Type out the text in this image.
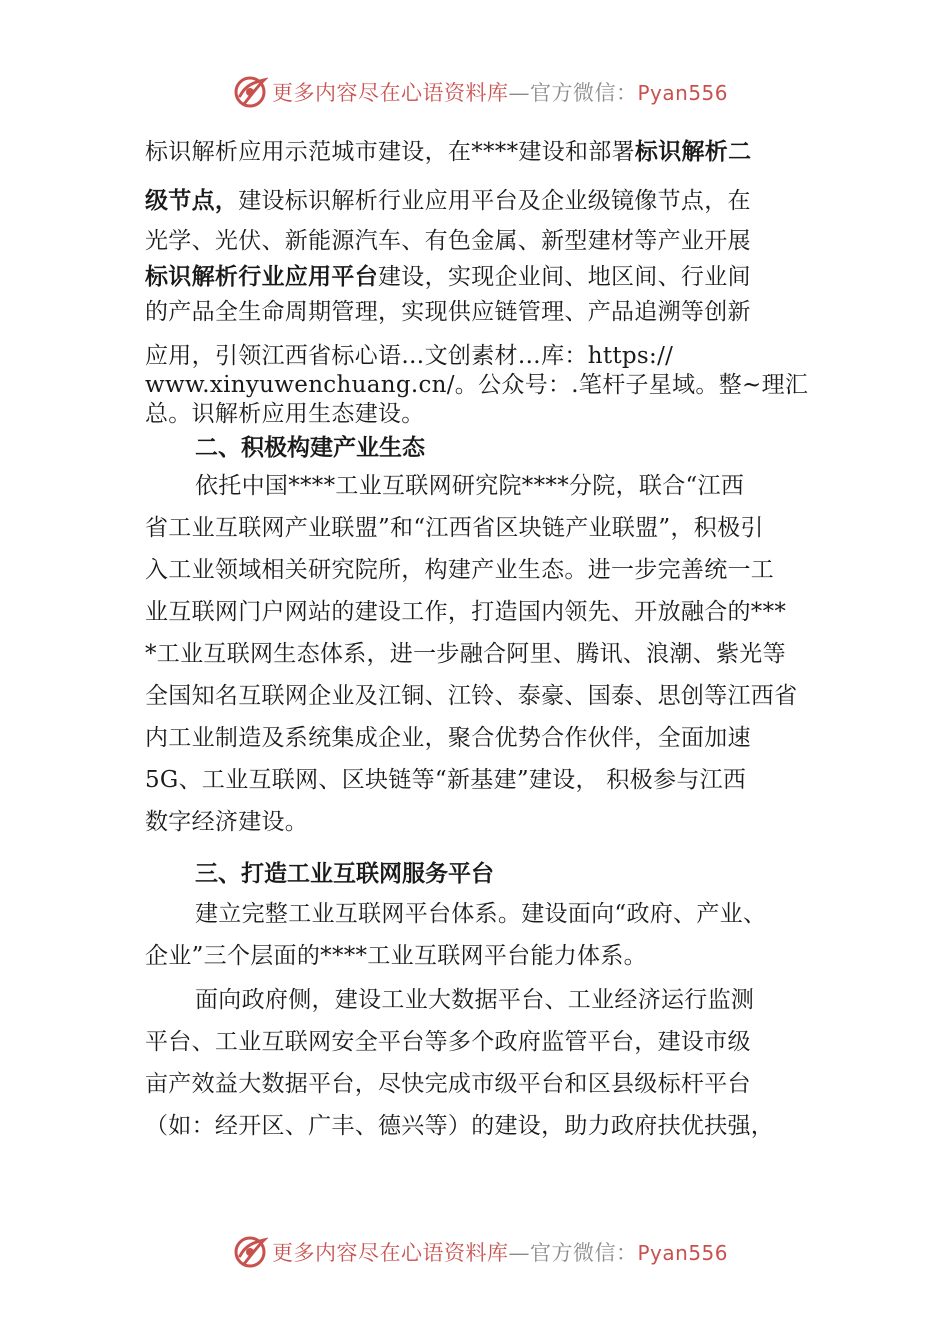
更多内容尽在心语资料库—官方微信：Pyan556
标识解析应用示范城市建设，在****建设和部署标识解析二
级节点，建设标识解析行业应用平台及企业级镜像节点，在
光学、光伏、新能源汽车、有色金属、新型建材等产业开展
标识解析行业应用平台建设，实现企业间、地区间、行业间
的产品全生命周期管理，实现供应链管理、产品追溯等创新
应用，引领江西省标心语…文创素材…库：https://
www.xinyuwenchuang.cn/。公众号：.笔杆子星域。整~理汇
总。识解析应用生态建设。
二、积极构建产业生态
依托中国****工业互联网研究院****分院，联合“江西
省工业互联网产业联盟”和“江西省区块链产业联盟”，积极引
入工业领域相关研究院所，构建产业生态。进一步完善统一工
业互联网门户网站的建设工作，打造国内领先、开放融合的***
*工业互联网生态体系，进一步融合阿里、腾讯、浪潮、紫光等
全国知名互联网企业及江铜、江铃、泰豪、国泰、思创等江西省
内工业制造及系统集成企业，聚合优势合作伙伴，全面加速
5G、工业互联网、区块链等“新基建”建设， 积极参与江西
数字经济建设。
三、打造工业互联网服务平台
建立完整工业互联网平台体系。建设面向“政府、产业、
企业”三个层面的****工业互联网平台能力体系。
面向政府侧，建设工业大数据平台、工业经济运行监测
平台、工业互联网安全平台等多个政府监管平台，建设市级
亩产效益大数据平台，尽快完成市级平台和区县级标杆平台
（如：经开区、广丰、德兴等）的建设，助力政府扶优扶强，
更多内容尽在心语资料库—官方微信：Pyan556
